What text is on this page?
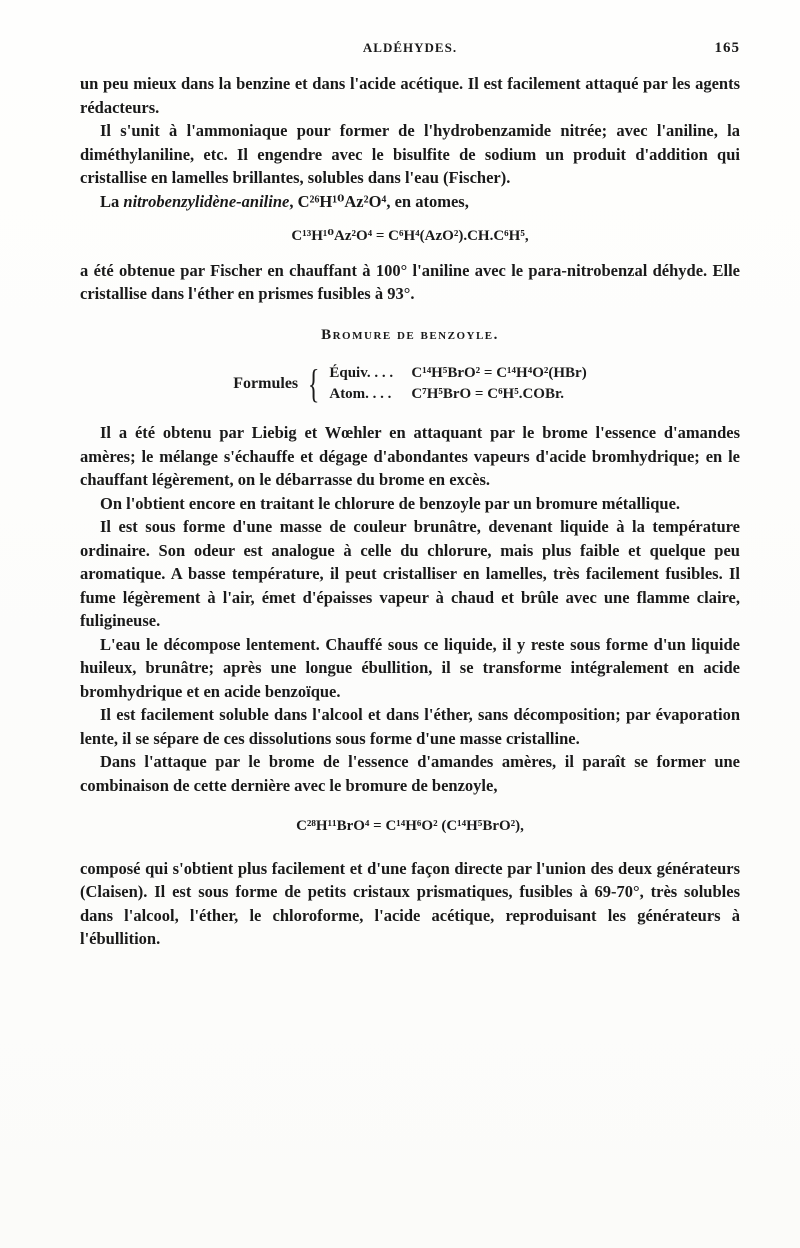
ALDÉHYDES.	165

un peu mieux dans la benzine et dans l'acide acétique. Il est facilement attaqué par les agents rédacteurs.

Il s'unit à l'ammoniaque pour former de l'hydrobenzamide nitrée; avec l'aniline, la diméthylaniline, etc. Il engendre avec le bisulfite de sodium un produit d'addition qui cristallise en lamelles brillantes, solubles dans l'eau (Fischer).

La nitrobenzylidène-aniline, C²⁶H¹⁰Az²O⁴, en atomes,

C¹³H¹⁰Az²O⁴ = C⁶H⁴(AzO²).CH.C⁶H⁵,

a été obtenue par Fischer en chauffant à 100° l'aniline avec le para-nitrobenzal déhyde. Elle cristallise dans l'éther en prismes fusibles à 93°.

Bromure de benzoyle.
Formules { Équiv. . . .	C¹⁴H⁵BrO² = C¹⁴H⁴O²(HBr)
Atom. . . .	C⁷H⁵BrO = C⁶H⁵.COBr.

Il a été obtenu par Liebig et Wœhler en attaquant par le brome l'essence d'amandes amères; le mélange s'échauffe et dégage d'abondantes vapeurs d'acide bromhydrique; en le chauffant légèrement, on le débarrasse du brome en excès.

On l'obtient encore en traitant le chlorure de benzoyle par un bromure métallique.

Il est sous forme d'une masse de couleur brunâtre, devenant liquide à la température ordinaire. Son odeur est analogue à celle du chlorure, mais plus faible et quelque peu aromatique. A basse température, il peut cristalliser en lamelles, très facilement fusibles. Il fume légèrement à l'air, émet d'épaisses vapeur à chaud et brûle avec une flamme claire, fuligineuse.

L'eau le décompose lentement. Chauffé sous ce liquide, il y reste sous forme d'un liquide huileux, brunâtre; après une longue ébullition, il se transforme intégralement en acide bromhydrique et en acide benzoïque.

Il est facilement soluble dans l'alcool et dans l'éther, sans décomposition; par évaporation lente, il se sépare de ces dissolutions sous forme d'une masse cristalline.

Dans l'attaque par le brome de l'essence d'amandes amères, il paraît se former une combinaison de cette dernière avec le bromure de benzoyle,

C²⁸H¹¹BrO⁴ = C¹⁴H⁶O² (C¹⁴H⁵BrO²),

composé qui s'obtient plus facilement et d'une façon directe par l'union des deux générateurs (Claisen). Il est sous forme de petits cristaux prismatiques, fusibles à 69-70°, très solubles dans l'alcool, l'éther, le chloroforme, l'acide acétique, reproduisant les générateurs à l'ébullition.
